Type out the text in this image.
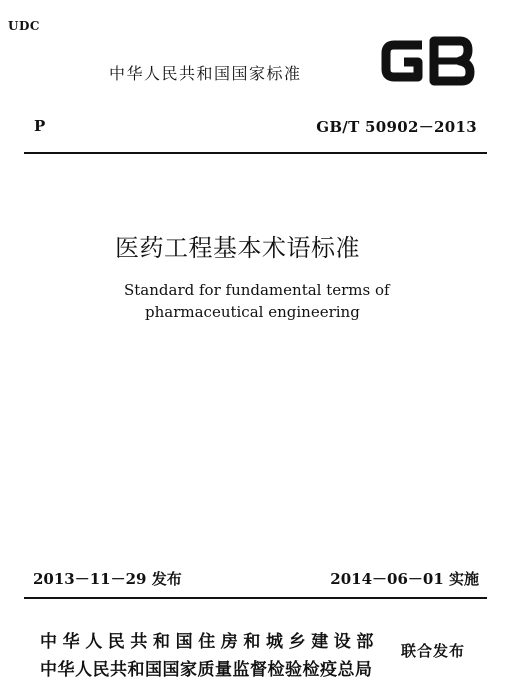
UDC
中华人民共和国国家标准
P	GB/T 50902－2013
医药工程基本术语标准
Standard for fundamental terms of
pharmaceutical engineering
2013－11－29 发布	2014－06－01 实施
中华人民共和国住房和城乡建设部
中华人民共和国国家质量监督检验检疫总局
联合发布
